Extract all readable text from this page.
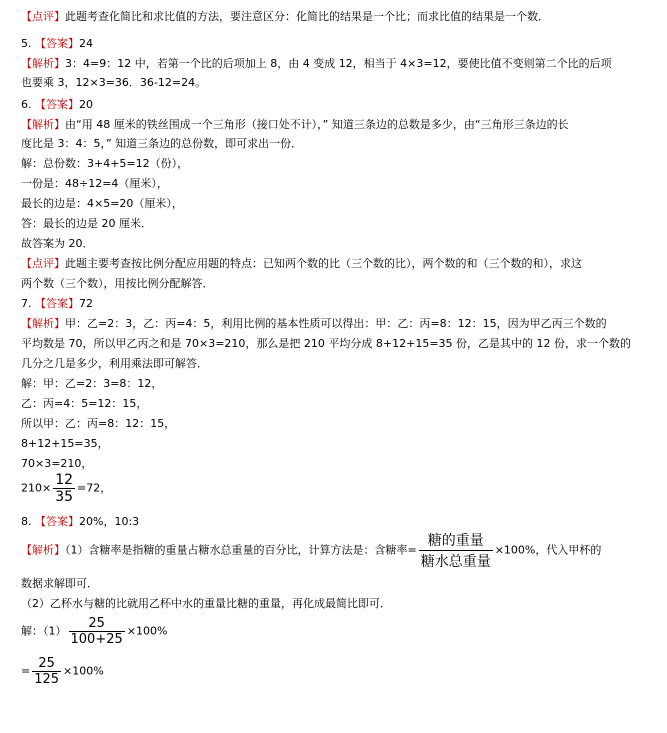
【点评】此题考查化简比和求比值的方法，要注意区分：化简比的结果是一个比；而求比值的结果是一个数．
5. 【答案】24
【解析】3：4=9：12 中，若第一个比的后项加上 8，由 4 变成 12，相当于 4×3=12，要使比值不变则第二个比的后项
也要乘 3，12×3=36．36-12=24。
6. 【答案】20
【解析】由“用 48 厘米的铁丝围成一个三角形（接口处不计），” 知道三条边的总数是多少，由“三角形三条边的长
度比是 3：4：5，” 知道三条边的总份数，即可求出一份．
解：总份数：3+4+5=12（份），
一份是：48÷12=4（厘米），
最长的边是：4×5=20（厘米），
答：最长的边是 20 厘米．
故答案为 20．
【点评】此题主要考查按比例分配应用题的特点：已知两个数的比（三个数的比），两个数的和（三个数的和），求这
两个数（三个数），用按比例分配解答．
7. 【答案】72
【解析】甲：乙=2：3，乙：丙=4：5，利用比例的基本性质可以得出：甲：乙：丙=8：12：15，因为甲乙丙三个数的
平均数是 70，所以甲乙丙之和是 70×3=210，那么是把 210 平均分成 8+12+15=35 份，乙是其中的 12 份，求一个数的
几分之几是多少，利用乘法即可解答．
解：甲：乙=2：3=8：12，
乙：丙=4：5=12：15，
所以甲：乙：丙=8：12：15，
8+12+15=35，
70×3=210，
$210\times \frac{12}{35} =72$，
8. 【答案】20%，10:3
【解析】（1）含糖率是指糖的重量占糖水总重量的百分比，计算方法是：含糖率= $\frac{\text{糖的重量}}{\text{糖水总重量}} \times 100\%$，代入甲杯的
数据求解即可．
（2）乙杯水与糖的比就用乙杯中水的重量比糖的重量，再化成最简比即可．
解：$(1) \frac{25}{100+25} \times 100\%$
= $\frac{25}{125} \times 100\%$
